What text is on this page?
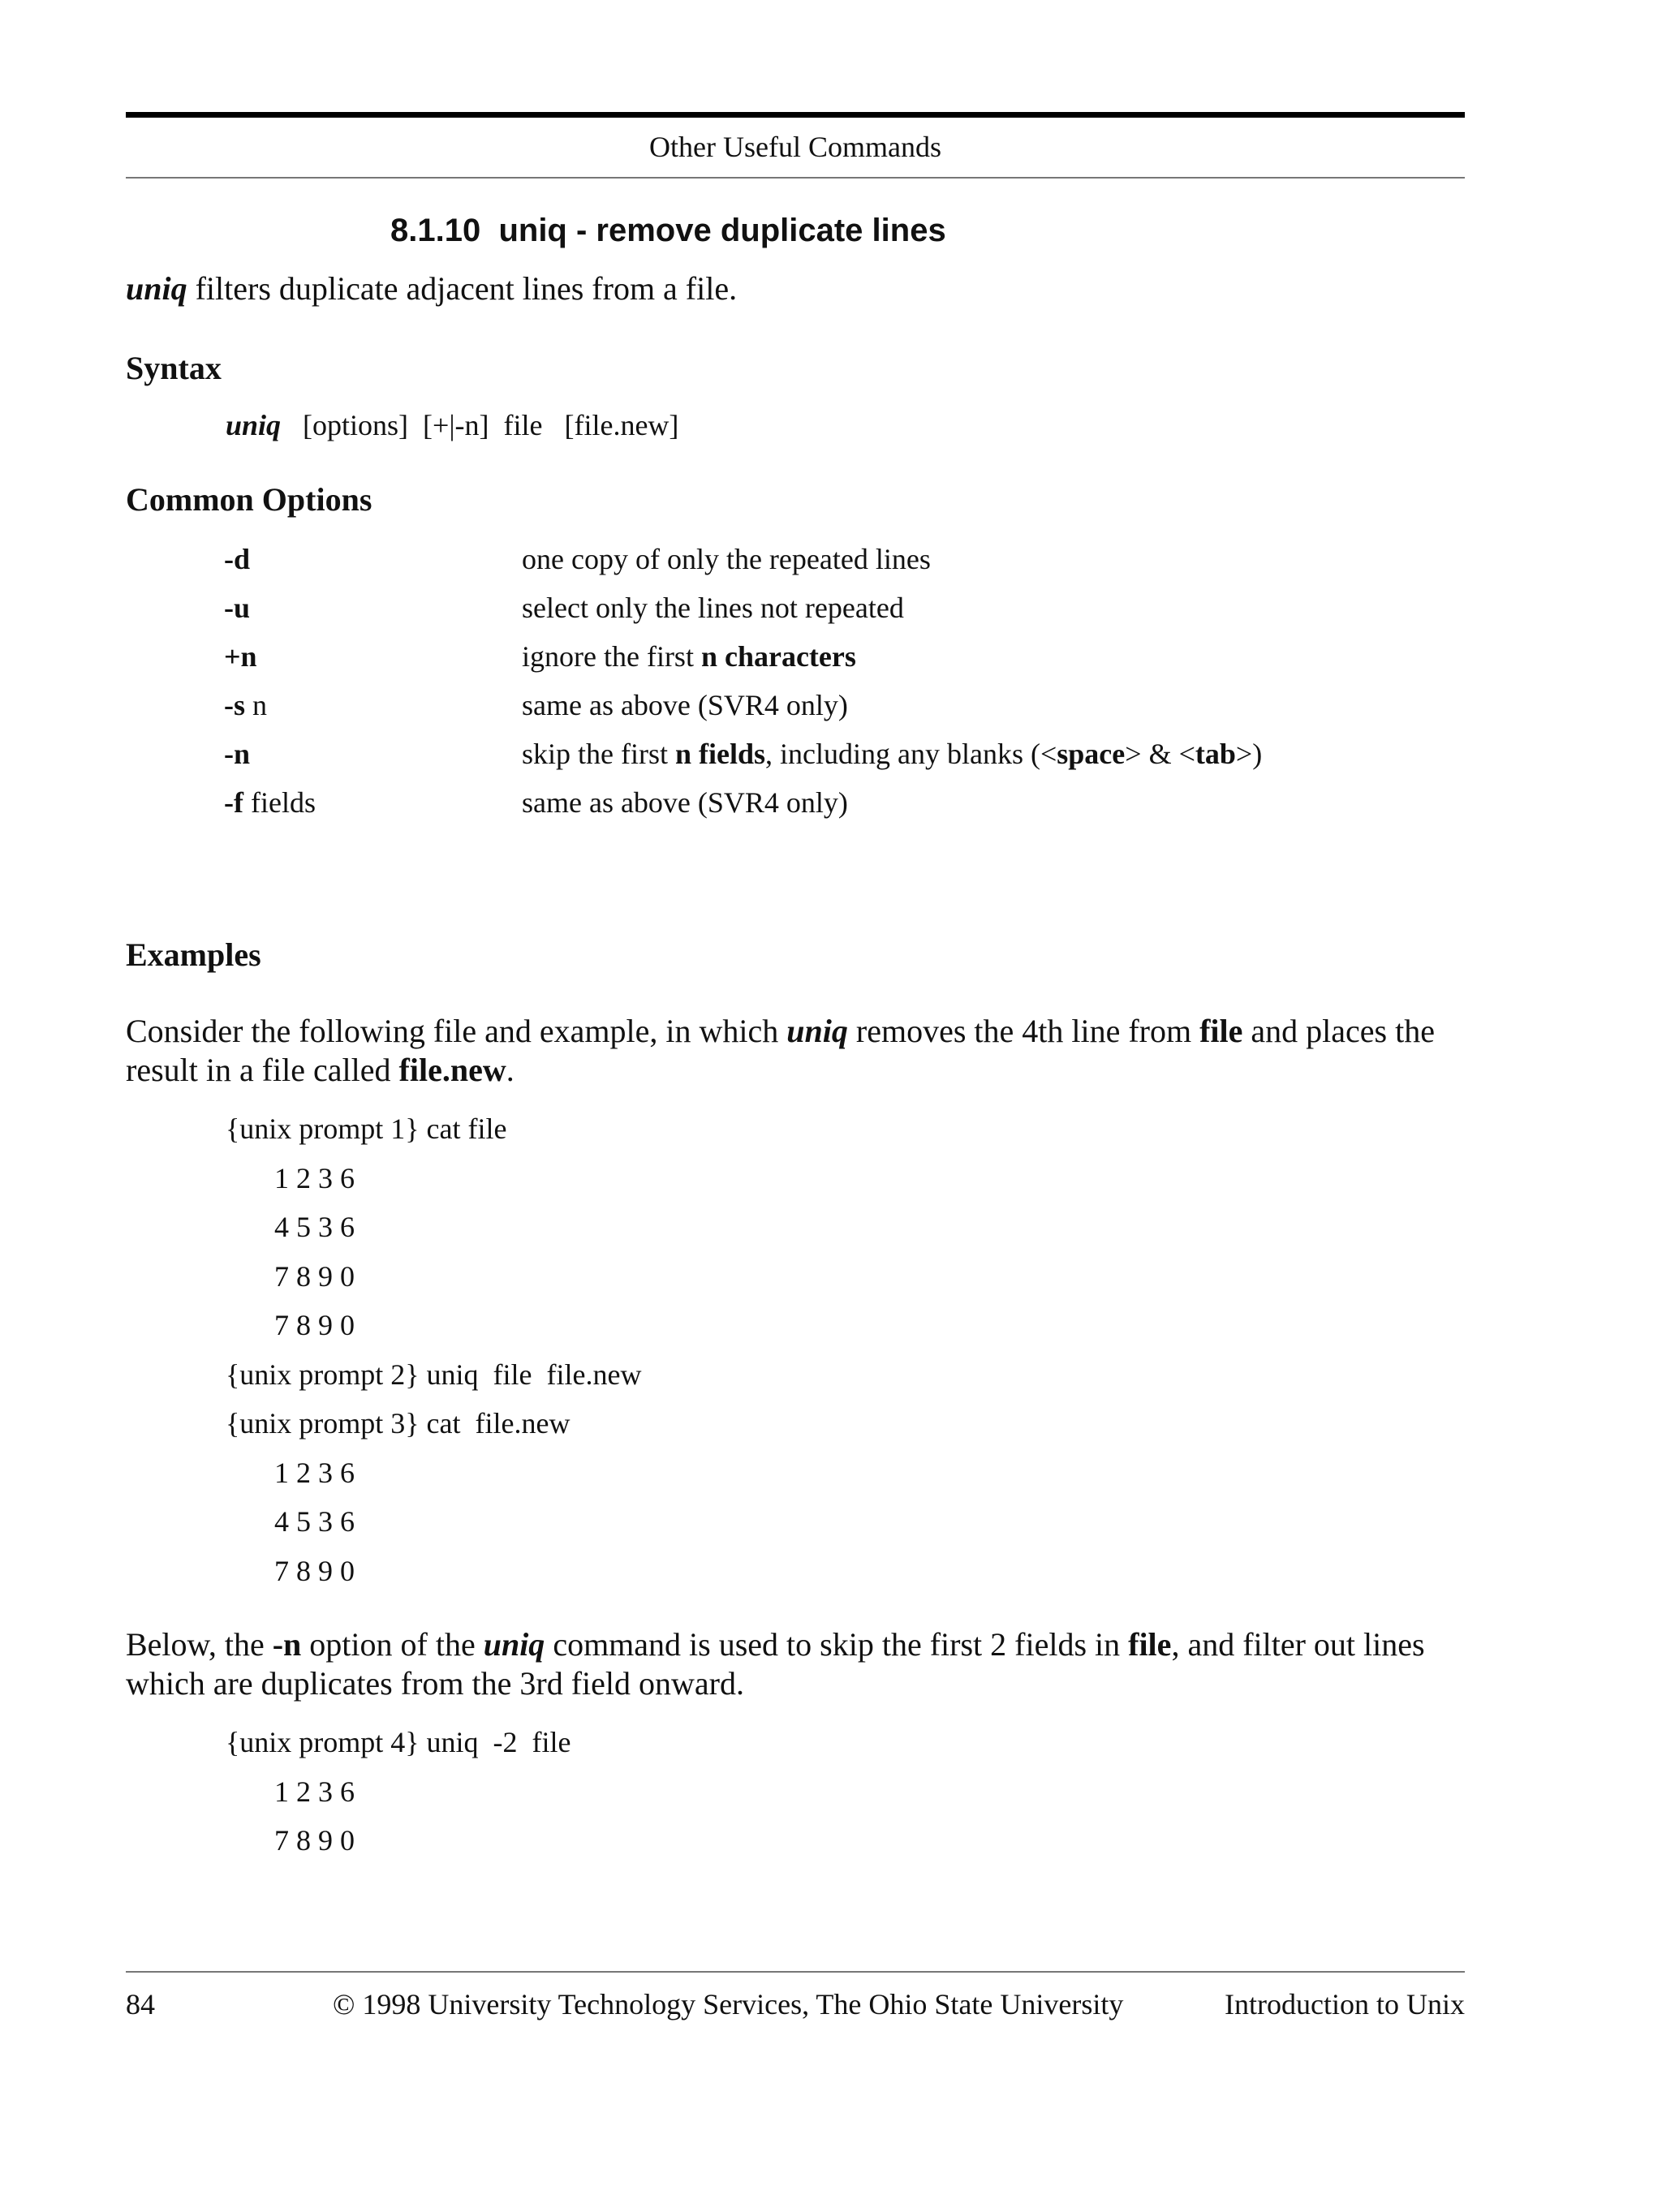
Other Useful Commands
8.1.10 uniq - remove duplicate lines
uniq filters duplicate adjacent lines from a file.
Syntax
uniq [options]  [+|-n]  file   [file.new]
Common Options
-d	one copy of only the repeated lines
-u	select only the lines not repeated
+n	ignore the first n characters
-s n	same as above (SVR4 only)
-n	skip the first n fields, including any blanks (<space> & <tab>)
-f fields	same as above (SVR4 only)
Examples
Consider the following file and example, in which uniq removes the 4th line from file and places the
result in a file called file.new.
{unix prompt 1} cat file
1 2 3 6
4 5 3 6
7 8 9 0
7 8 9 0
{unix prompt 2} uniq  file  file.new
{unix prompt 3} cat  file.new
1 2 3 6
4 5 3 6
7 8 9 0
Below, the -n option of the uniq command is used to skip the first 2 fields in file, and filter out lines
which are duplicates from the 3rd field onward.
{unix prompt 4} uniq  -2  file
1 2 3 6
7 8 9 0
84	© 1998 University Technology Services, The Ohio State University	Introduction to Unix
